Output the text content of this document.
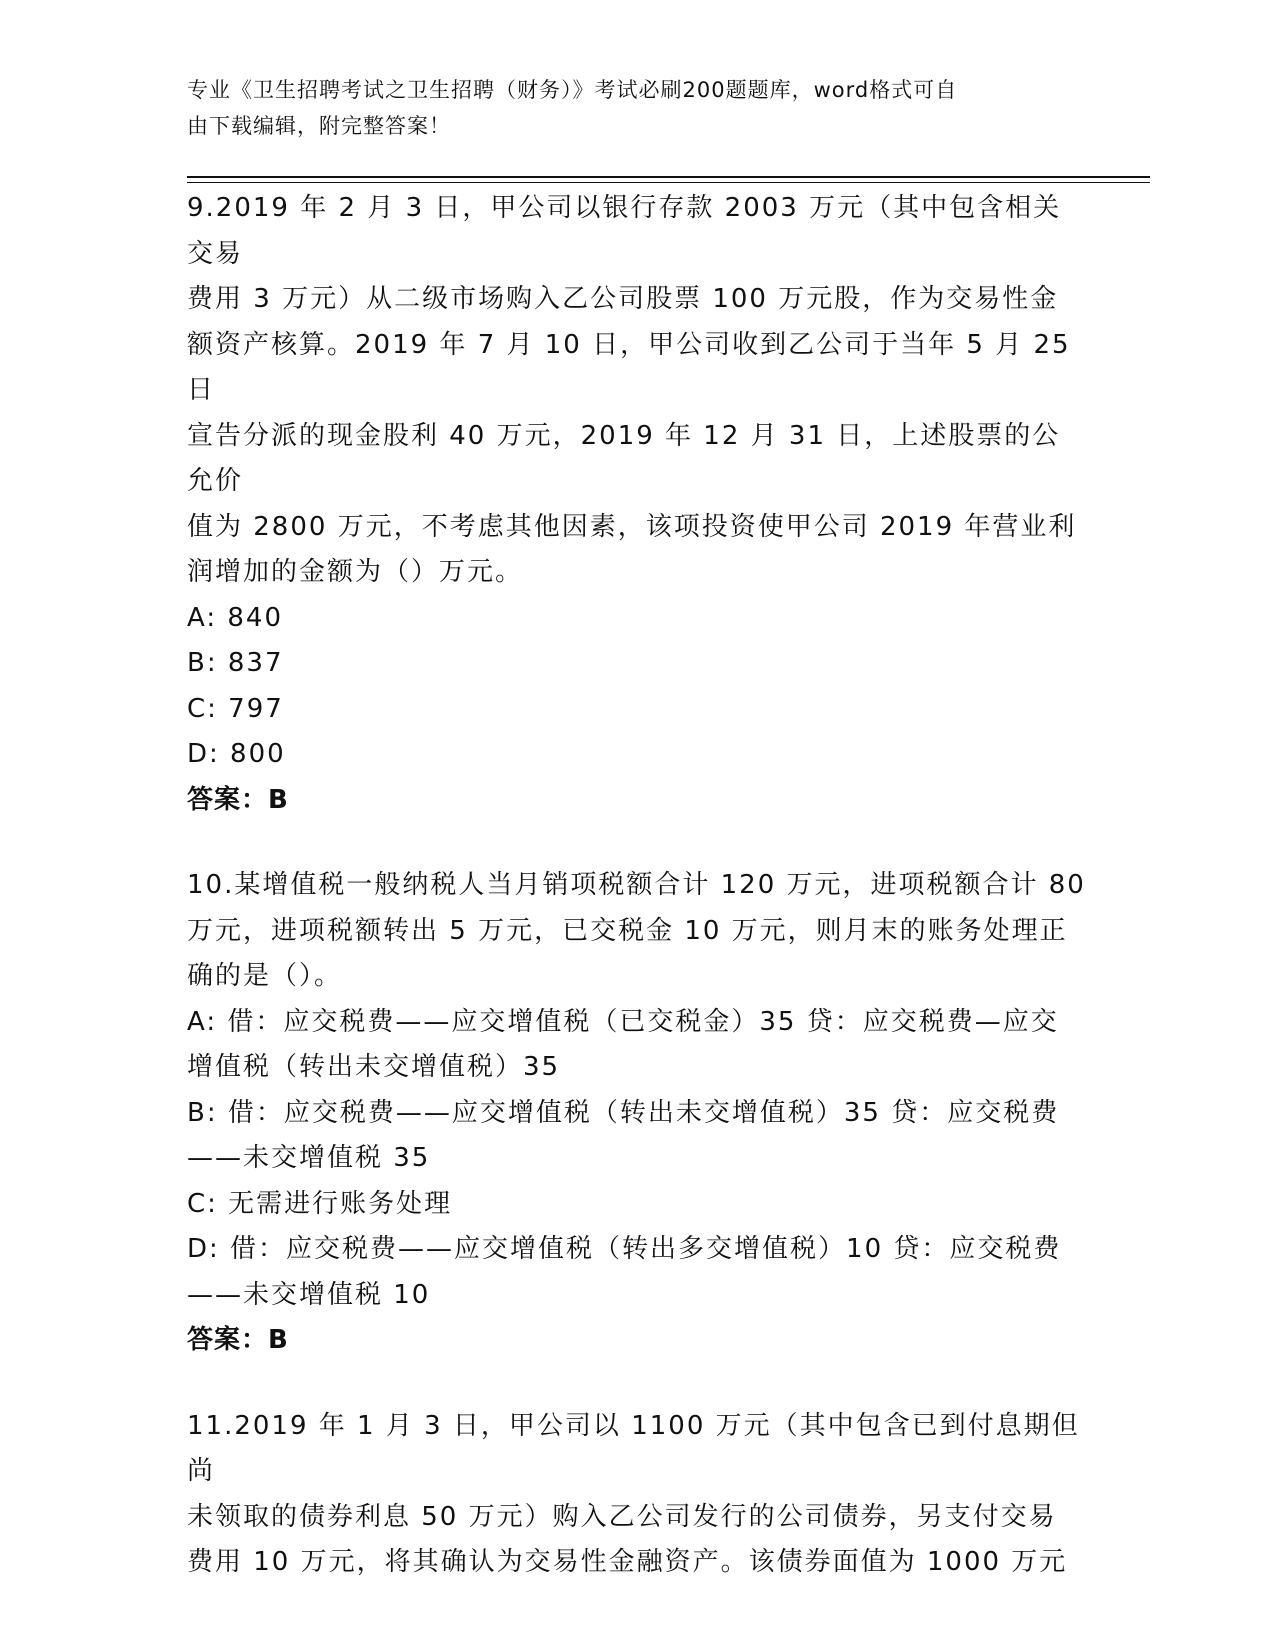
专业《卫生招聘考试之卫生招聘（财务）》考试必刷200题题库，word格式可自
由下载编辑，附完整答案！
9.2019 年 2 月 3 日，甲公司以银行存款 2003 万元（其中包含相关交易
费用 3 万元）从二级市场购入乙公司股票 100 万元股，作为交易性金
额资产核算。2019 年 7 月 10 日，甲公司收到乙公司于当年 5 月 25 日
宣告分派的现金股利 40 万元，2019 年 12 月 31 日，上述股票的公允价
值为 2800 万元，不考虑其他因素，该项投资使甲公司 2019 年营业利
润增加的金额为（）万元。
A: 840
B: 837
C: 797
D: 800
答案：B
10.某增值税一般纳税人当月销项税额合计 120 万元，进项税额合计 80
万元，进项税额转出 5 万元，已交税金 10 万元，则月末的账务处理正
确的是（）。
A: 借：应交税费——应交增值税（已交税金）35 贷：应交税费—应交
增值税（转出未交增值税）35
B: 借：应交税费——应交增值税（转出未交增值税）35 贷：应交税费
——未交增值税 35
C: 无需进行账务处理
D: 借：应交税费——应交增值税（转出多交增值税）10 贷：应交税费
——未交增值税 10
答案：B
11.2019 年 1 月 3 日，甲公司以 1100 万元（其中包含已到付息期但尚
未领取的债券利息 50 万元）购入乙公司发行的公司债券，另支付交易
费用 10 万元，将其确认为交易性金融资产。该债券面值为 1000 万元
